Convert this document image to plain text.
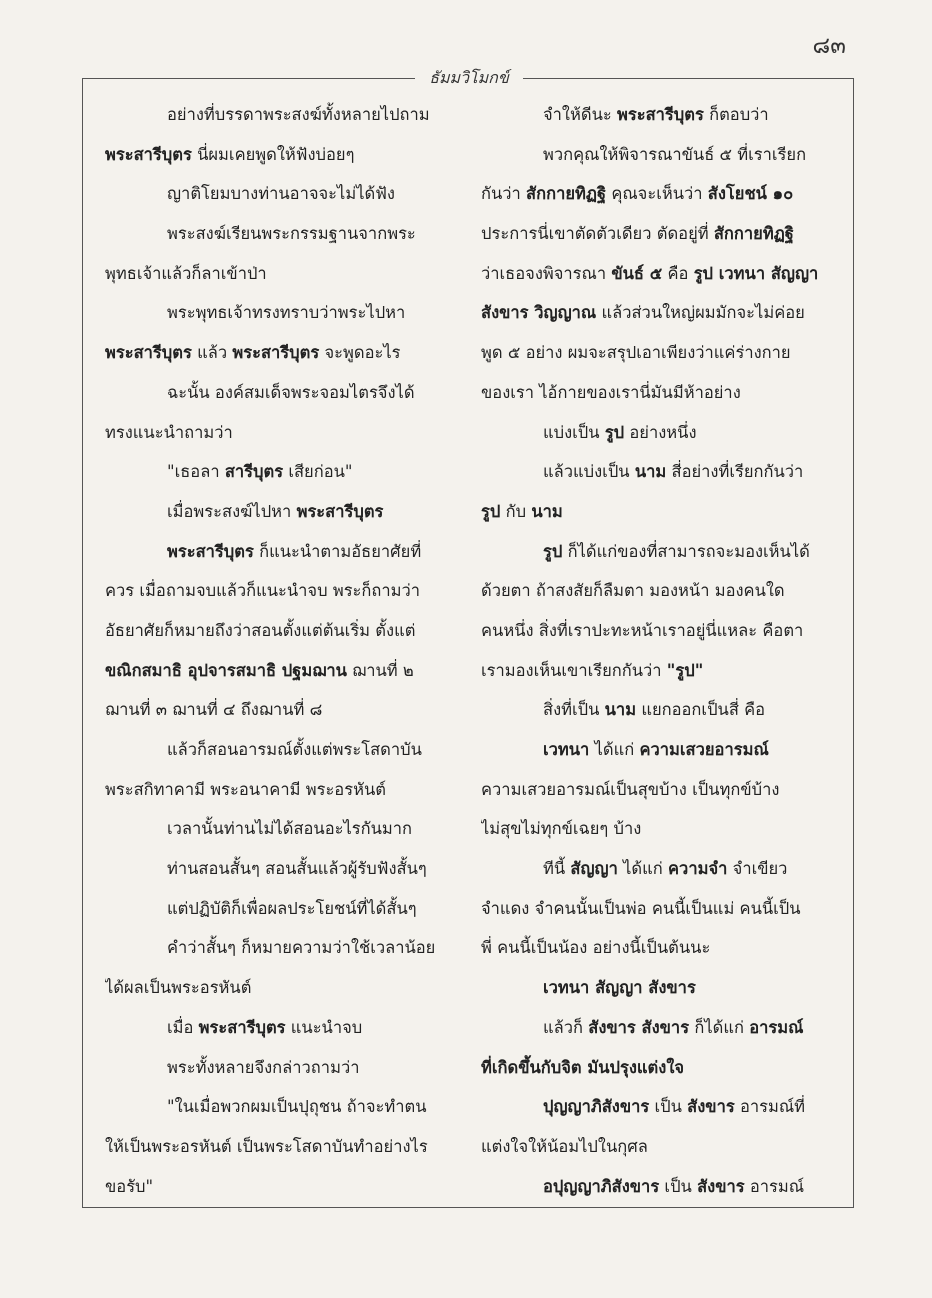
๘๓
ธัมมวิโมกข์
อย่างที่บรรดาพระสงฆ์ทั้งหลายไปถาม
พระสารีบุตร นี่ผมเคยพูดให้ฟังบ่อยๆ
ญาติโยมบางท่านอาจจะไม่ได้ฟัง
พระสงฆ์เรียนพระกรรมฐานจากพระ
พุทธเจ้าแล้วก็ลาเข้าป่า
พระพุทธเจ้าทรงทราบว่าพระไปหา
พระสารีบุตร แล้ว พระสารีบุตร จะพูดอะไร
ฉะนั้น องค์สมเด็จพระจอมไตรจึงได้
ทรงแนะนำถามว่า
"เธอลา สารีบุตร เสียก่อน"
เมื่อพระสงฆ์ไปหา พระสารีบุตร
พระสารีบุตร ก็แนะนำตามอัธยาศัยที่
ควร เมื่อถามจบแล้วก็แนะนำจบ พระก็ถามว่า
อัธยาศัยก็หมายถึงว่าสอนตั้งแต่ต้นเริ่ม ตั้งแต่
ขณิกสมาธิ อุปจารสมาธิ ปฐมฌาน ฌานที่ ๒
ฌานที่ ๓ ฌานที่ ๔ ถึงฌานที่ ๘
แล้วก็สอนอารมณ์ตั้งแต่พระโสดาบัน
พระสกิทาคามี พระอนาคามี พระอรหันต์
เวลานั้นท่านไม่ได้สอนอะไรกันมาก
ท่านสอนสั้นๆ สอนสั้นแล้วผู้รับฟังสั้นๆ
แต่ปฏิบัติก็เพื่อผลประโยชน์ที่ได้สั้นๆ
คำว่าสั้นๆ ก็หมายความว่าใช้เวลาน้อย
ได้ผลเป็นพระอรหันต์
เมื่อ พระสารีบุตร แนะนำจบ
พระทั้งหลายจึงกล่าวถามว่า
"ในเมื่อพวกผมเป็นปุถุชน ถ้าจะทำตน
ให้เป็นพระอรหันต์ เป็นพระโสดาบันทำอย่างไร
ขอรับ"
จำให้ดีนะ พระสารีบุตร ก็ตอบว่า
พวกคุณให้พิจารณาขันธ์ ๕ ที่เราเรียก
กันว่า สักกายทิฏฐิ คุณจะเห็นว่า สังโยชน์ ๑๐
ประการนี่เขาตัดตัวเดียว ตัดอยู่ที่ สักกายทิฏฐิ
ว่าเธอจงพิจารณา ขันธ์ ๕ คือ รูป เวทนา สัญญา
สังขาร วิญญาณ แล้วส่วนใหญ่ผมมักจะไม่ค่อย
พูด ๕ อย่าง ผมจะสรุปเอาเพียงว่าแค่ร่างกาย
ของเรา ไอ้กายของเรานี่มันมีห้าอย่าง
แบ่งเป็น รูป อย่างหนึ่ง
แล้วแบ่งเป็น นาม สี่อย่างที่เรียกกันว่า
รูป กับ นาม
รูป ก็ได้แก่ของที่สามารถจะมองเห็นได้
ด้วยตา ถ้าสงสัยก็ลืมตา มองหน้า มองคนใด
คนหนึ่ง สิ่งที่เราปะทะหน้าเราอยู่นี่แหละ คือตา
เรามองเห็นเขาเรียกกันว่า "รูป"
สิ่งที่เป็น นาม แยกออกเป็นสี่ คือ
เวทนา ได้แก่ ความเสวยอารมณ์
ความเสวยอารมณ์เป็นสุขบ้าง เป็นทุกข์บ้าง
ไม่สุขไม่ทุกข์เฉยๆ บ้าง
ทีนี้ สัญญา ได้แก่ ความจำ จำเขียว
จำแดง จำคนนั้นเป็นพ่อ คนนี้เป็นแม่ คนนี้เป็น
พี่ คนนี้เป็นน้อง อย่างนี้เป็นต้นนะ
เวทนา สัญญา สังขาร
แล้วก็ สังขาร สังขาร ก็ได้แก่ อารมณ์
ที่เกิดขึ้นกับจิต มันปรุงแต่งใจ
ปุญญาภิสังขาร เป็น สังขาร อารมณ์ที่
แต่งใจให้น้อมไปในกุศล
อปุญญาภิสังขาร เป็น สังขาร อารมณ์
